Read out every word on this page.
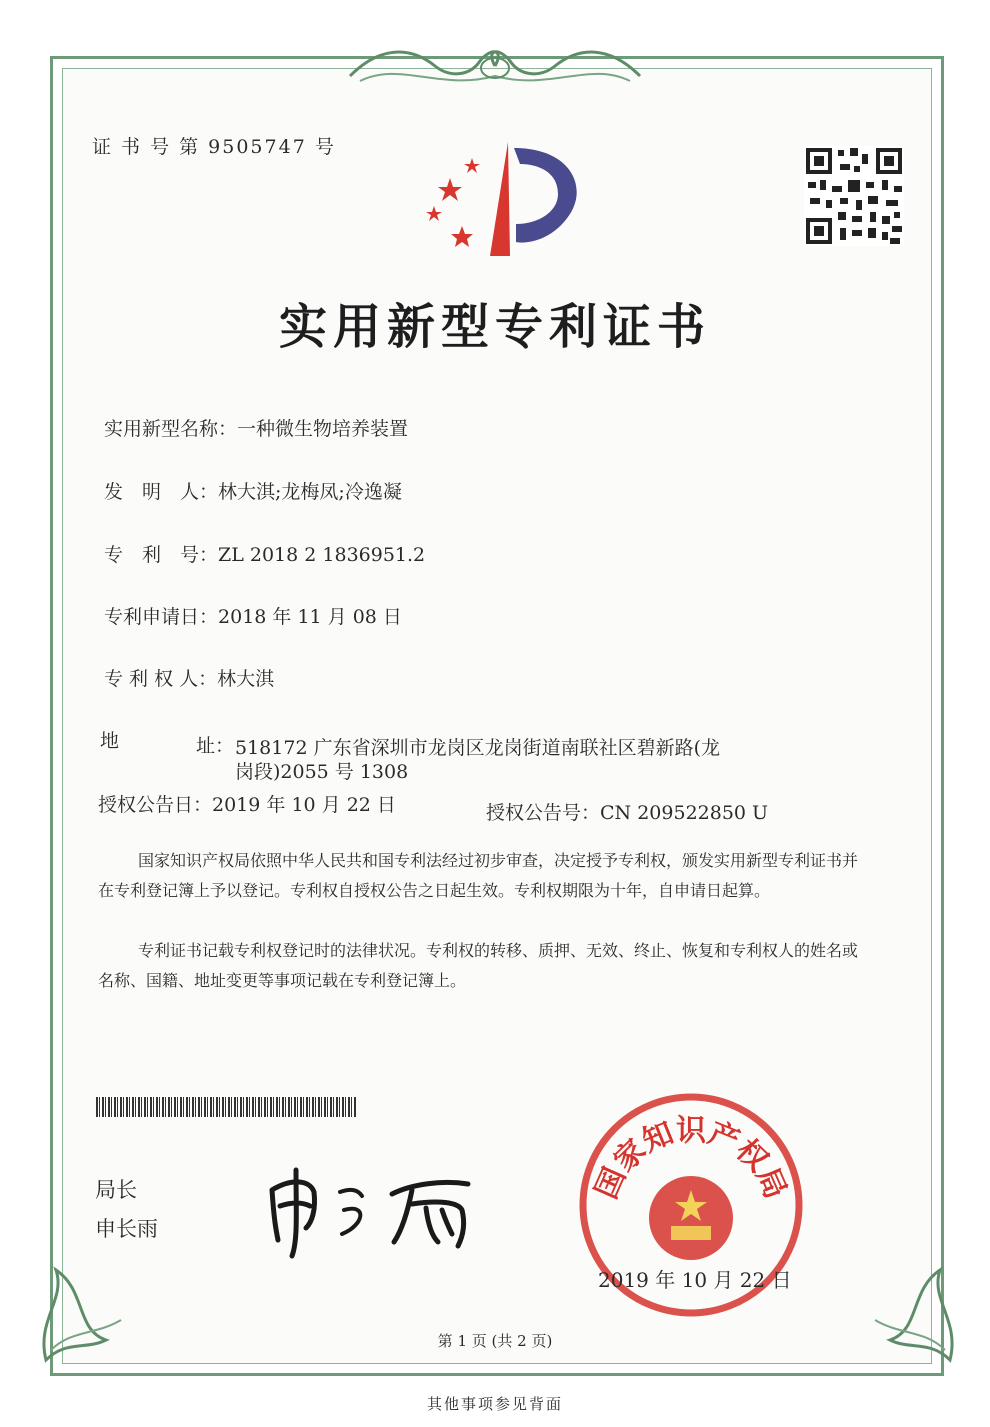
证 书 号 第 9505747 号
实用新型专利证书
实用新型名称：一种微生物培养装置
发　明　人：林大淇;龙梅凤;冷逸凝
专　利　号：ZL 2018 2 1836951.2
专利申请日：2018 年 11 月 08 日
专 利 权 人：林大淇
地	址： 518172 广东省深圳市龙岗区龙岗街道南联社区碧新路(龙
岗段)2055 号 1308
授权公告日：2019 年 10 月 22 日	授权公告号：CN 209522850 U
国家知识产权局依照中华人民共和国专利法经过初步审查，决定授予专利权，颁发实用新型专利证书并在专利登记簿上予以登记。专利权自授权公告之日起生效。专利权期限为十年，自申请日起算。
专利证书记载专利权登记时的法律状况。专利权的转移、质押、无效、终止、恢复和专利权人的姓名或名称、国籍、地址变更等事项记载在专利登记簿上。
局长
申长雨
国家知识产权局
2019 年 10 月 22 日
第 1 页 (共 2 页)
其他事项参见背面
